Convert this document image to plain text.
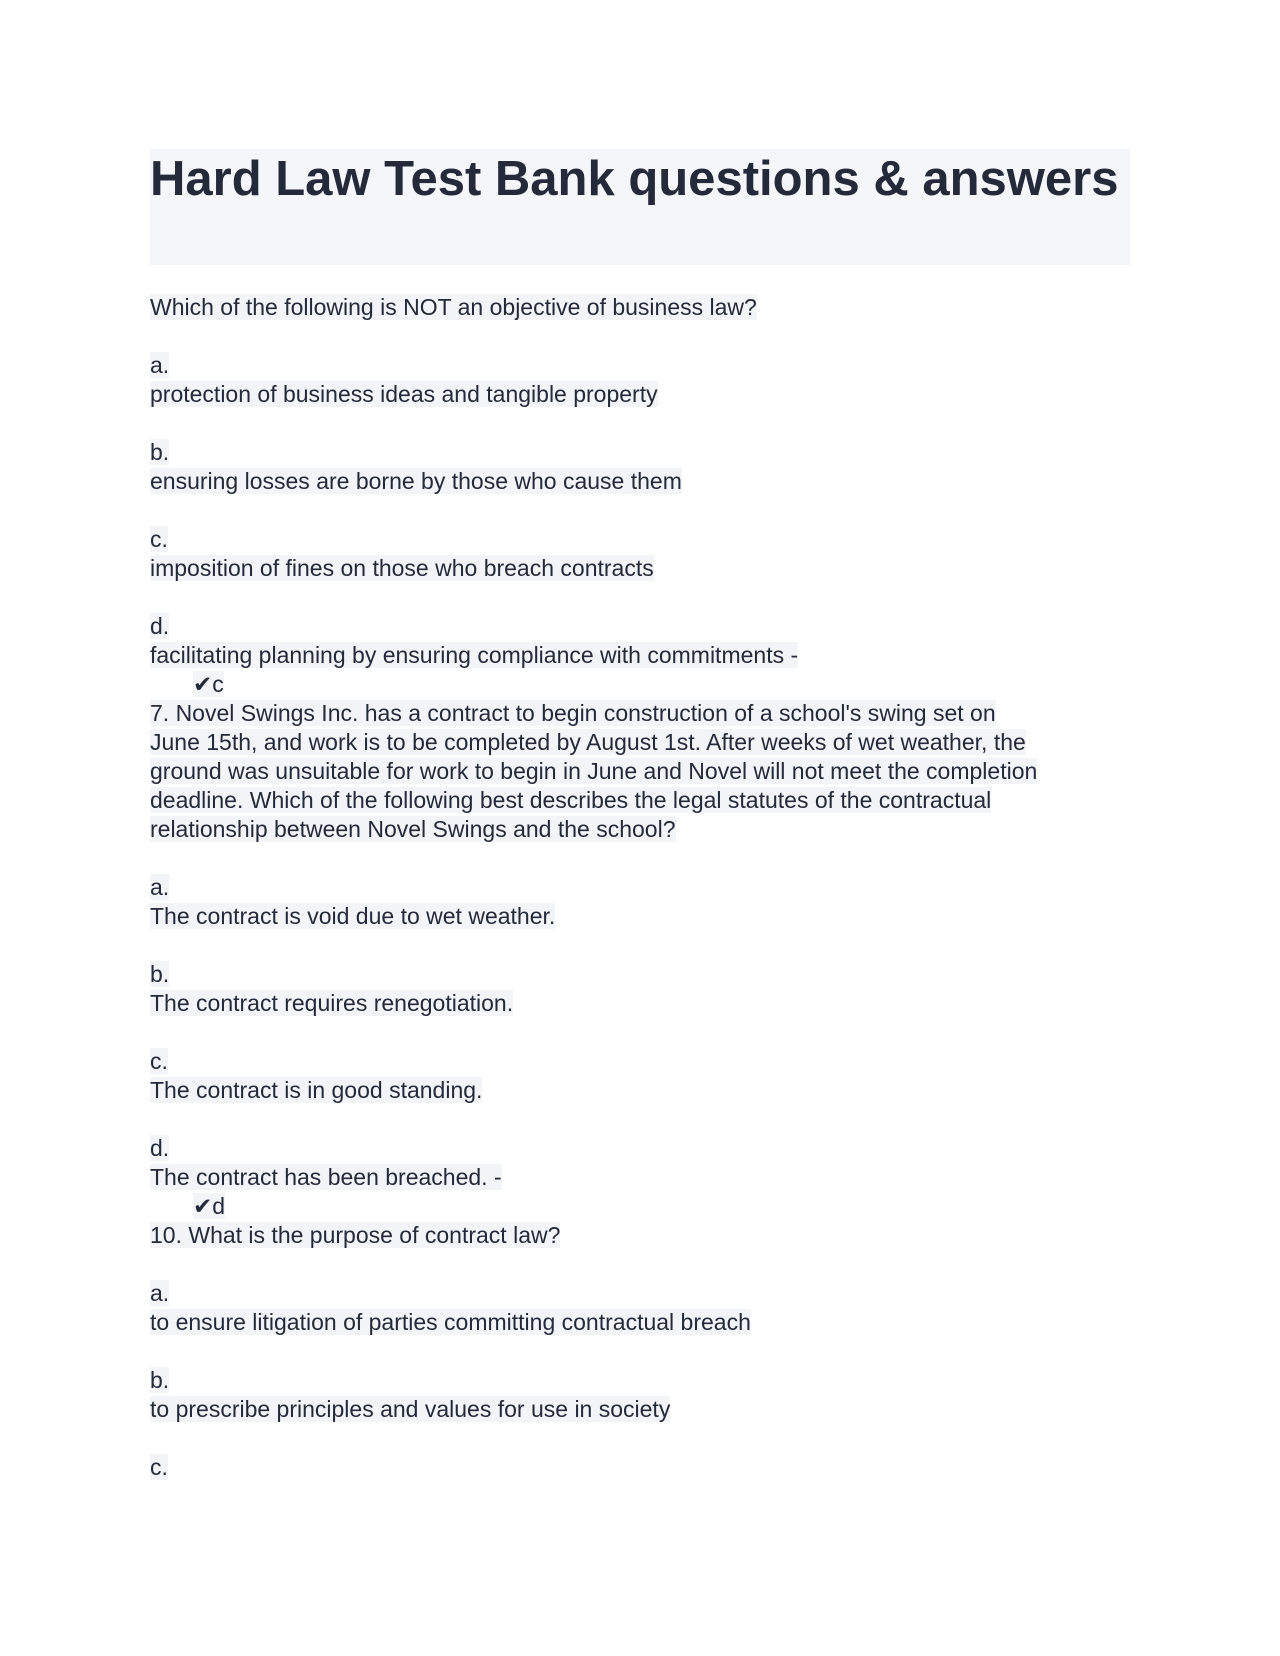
Hard Law Test Bank questions & answers
Which of the following is NOT an objective of business law?
a.
protection of business ideas and tangible property
b.
ensuring losses are borne by those who cause them
c.
imposition of fines on those who breach contracts
d.
facilitating planning by ensuring compliance with commitments -
✔c
7. Novel Swings Inc. has a contract to begin construction of a school's swing set on
June 15th, and work is to be completed by August 1st. After weeks of wet weather, the
ground was unsuitable for work to begin in June and Novel will not meet the completion
deadline. Which of the following best describes the legal statutes of the contractual
relationship between Novel Swings and the school?
a.
The contract is void due to wet weather.
b.
The contract requires renegotiation.
c.
The contract is in good standing.
d.
The contract has been breached. -
✔d
10. What is the purpose of contract law?
a.
to ensure litigation of parties committing contractual breach
b.
to prescribe principles and values for use in society
c.
